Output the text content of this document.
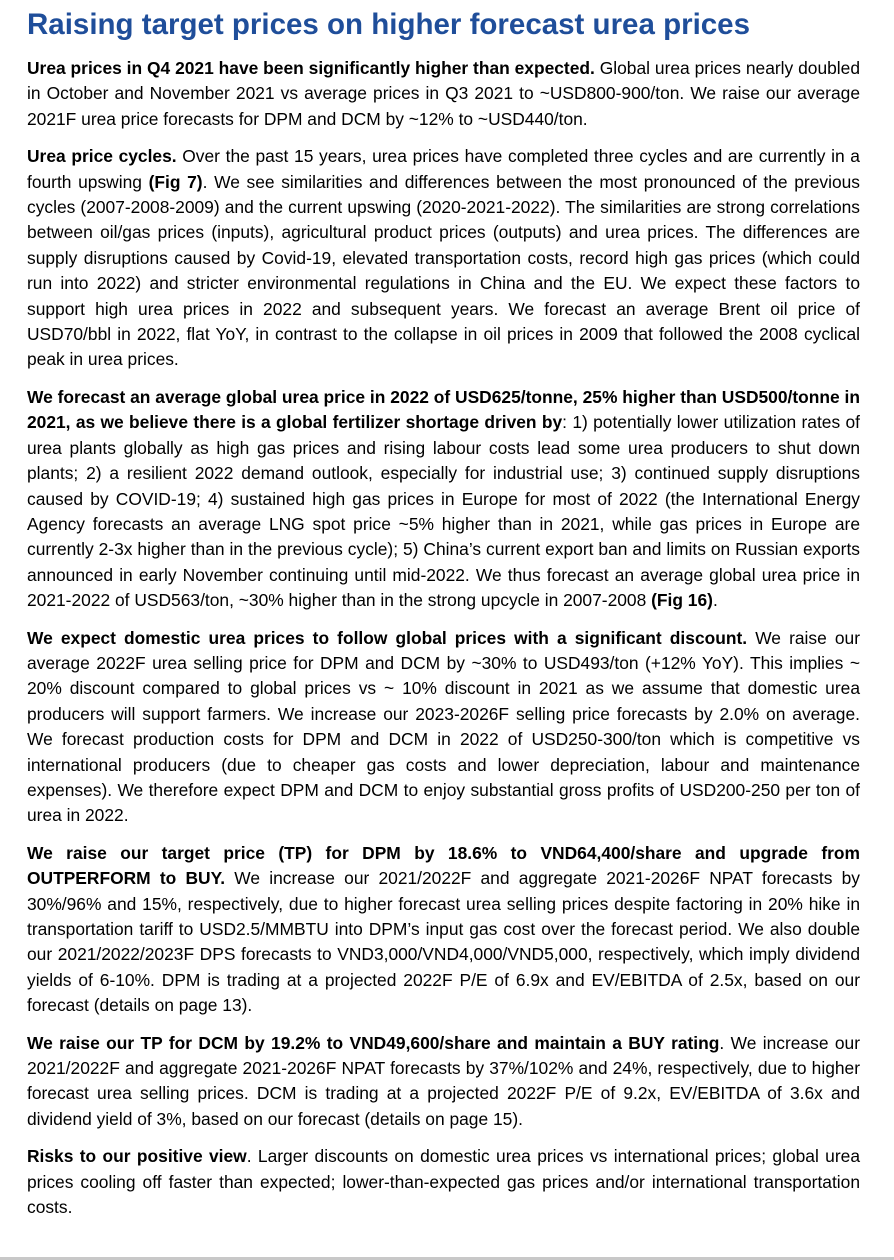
Raising target prices on higher forecast urea prices

Urea prices in Q4 2021 have been significantly higher than expected. Global urea prices nearly doubled in October and November 2021 vs average prices in Q3 2021 to ~USD800-900/ton. We raise our average 2021F urea price forecasts for DPM and DCM by ~12% to ~USD440/ton.

Urea price cycles. Over the past 15 years, urea prices have completed three cycles and are currently in a fourth upswing (Fig 7). We see similarities and differences between the most pronounced of the previous cycles (2007-2008-2009) and the current upswing (2020-2021-2022). The similarities are strong correlations between oil/gas prices (inputs), agricultural product prices (outputs) and urea prices. The differences are supply disruptions caused by Covid-19, elevated transportation costs, record high gas prices (which could run into 2022) and stricter environmental regulations in China and the EU. We expect these factors to support high urea prices in 2022 and subsequent years. We forecast an average Brent oil price of USD70/bbl in 2022, flat YoY, in contrast to the collapse in oil prices in 2009 that followed the 2008 cyclical peak in urea prices.

We forecast an average global urea price in 2022 of USD625/tonne, 25% higher than USD500/tonne in 2021, as we believe there is a global fertilizer shortage driven by: 1) potentially lower utilization rates of urea plants globally as high gas prices and rising labour costs lead some urea producers to shut down plants; 2) a resilient 2022 demand outlook, especially for industrial use; 3) continued supply disruptions caused by COVID-19; 4) sustained high gas prices in Europe for most of 2022 (the International Energy Agency forecasts an average LNG spot price ~5% higher than in 2021, while gas prices in Europe are currently 2-3x higher than in the previous cycle); 5) China’s current export ban and limits on Russian exports announced in early November continuing until mid-2022. We thus forecast an average global urea price in 2021-2022 of USD563/ton, ~30% higher than in the strong upcycle in 2007-2008 (Fig 16).

We expect domestic urea prices to follow global prices with a significant discount. We raise our average 2022F urea selling price for DPM and DCM by ~30% to USD493/ton (+12% YoY). This implies ~ 20% discount compared to global prices vs ~ 10% discount in 2021 as we assume that domestic urea producers will support farmers. We increase our 2023-2026F selling price forecasts by 2.0% on average. We forecast production costs for DPM and DCM in 2022 of USD250-300/ton which is competitive vs international producers (due to cheaper gas costs and lower depreciation, labour and maintenance expenses). We therefore expect DPM and DCM to enjoy substantial gross profits of USD200-250 per ton of urea in 2022.

We raise our target price (TP) for DPM by 18.6% to VND64,400/share and upgrade from OUTPERFORM to BUY. We increase our 2021/2022F and aggregate 2021-2026F NPAT forecasts by 30%/96% and 15%, respectively, due to higher forecast urea selling prices despite factoring in 20% hike in transportation tariff to USD2.5/MMBTU into DPM’s input gas cost over the forecast period. We also double our 2021/2022/2023F DPS forecasts to VND3,000/VND4,000/VND5,000, respectively, which imply dividend yields of 6-10%. DPM is trading at a projected 2022F P/E of 6.9x and EV/EBITDA of 2.5x, based on our forecast (details on page 13).

We raise our TP for DCM by 19.2% to VND49,600/share and maintain a BUY rating. We increase our 2021/2022F and aggregate 2021-2026F NPAT forecasts by 37%/102% and 24%, respectively, due to higher forecast urea selling prices. DCM is trading at a projected 2022F P/E of 9.2x, EV/EBITDA of 3.6x and dividend yield of 3%, based on our forecast (details on page 15).

Risks to our positive view. Larger discounts on domestic urea prices vs international prices; global urea prices cooling off faster than expected; lower-than-expected gas prices and/or international transportation costs.
